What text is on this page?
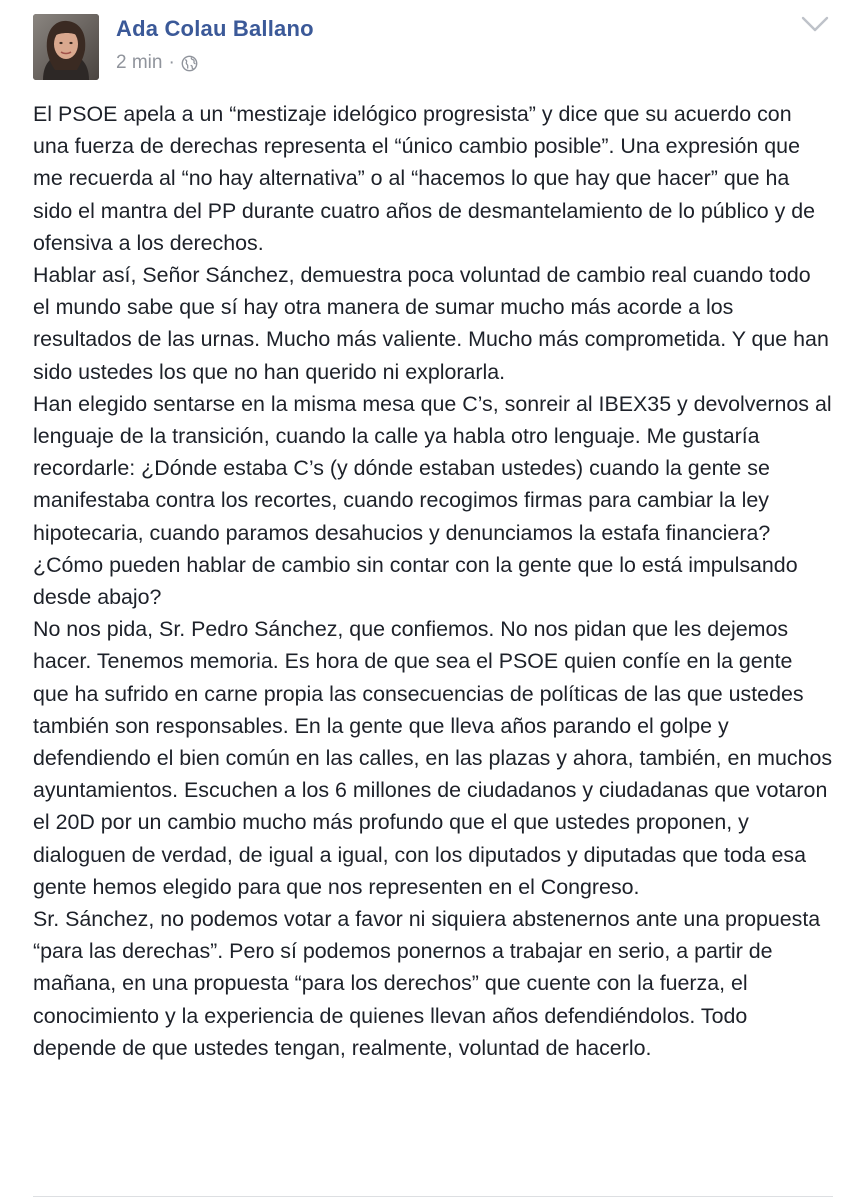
Ada Colau Ballano
2 min ·

El PSOE apela a un “mestizaje idelógico progresista” y dice que su acuerdo con una fuerza de derechas representa el “único cambio posible”. Una expresión que me recuerda al “no hay alternativa” o al “hacemos lo que hay que hacer” que ha sido el mantra del PP durante cuatro años de desmantelamiento de lo público y de ofensiva a los derechos.

Hablar así, Señor Sánchez, demuestra poca voluntad de cambio real cuando todo el mundo sabe que sí hay otra manera de sumar mucho más acorde a los resultados de las urnas. Mucho más valiente. Mucho más comprometida. Y que han sido ustedes los que no han querido ni explorarla.

Han elegido sentarse en la misma mesa que C’s, sonreir al IBEX35 y devolvernos al lenguaje de la transición, cuando la calle ya habla otro lenguaje. Me gustaría recordarle: ¿Dónde estaba C’s (y dónde estaban ustedes) cuando la gente se manifestaba contra los recortes, cuando recogimos firmas para cambiar la ley hipotecaria, cuando paramos desahucios y denunciamos la estafa financiera?

¿Cómo pueden hablar de cambio sin contar con la gente que lo está impulsando desde abajo?

No nos pida, Sr. Pedro Sánchez, que confiemos. No nos pidan que les dejemos hacer. Tenemos memoria. Es hora de que sea el PSOE quien confíe en la gente que ha sufrido en carne propia las consecuencias de políticas de las que ustedes también son responsables. En la gente que lleva años parando el golpe y defendiendo el bien común en las calles, en las plazas y ahora, también, en muchos ayuntamientos. Escuchen a los 6 millones de ciudadanos y ciudadanas que votaron el 20D por un cambio mucho más profundo que el que ustedes proponen, y dialoguen de verdad, de igual a igual, con los diputados y diputadas que toda esa gente hemos elegido para que nos representen en el Congreso.

Sr. Sánchez, no podemos votar a favor ni siquiera abstenernos ante una propuesta “para las derechas”. Pero sí podemos ponernos a trabajar en serio, a partir de mañana, en una propuesta “para los derechos” que cuente con la fuerza, el conocimiento y la experiencia de quienes llevan años defendiéndolos. Todo depende de que ustedes tengan, realmente, voluntad de hacerlo.
